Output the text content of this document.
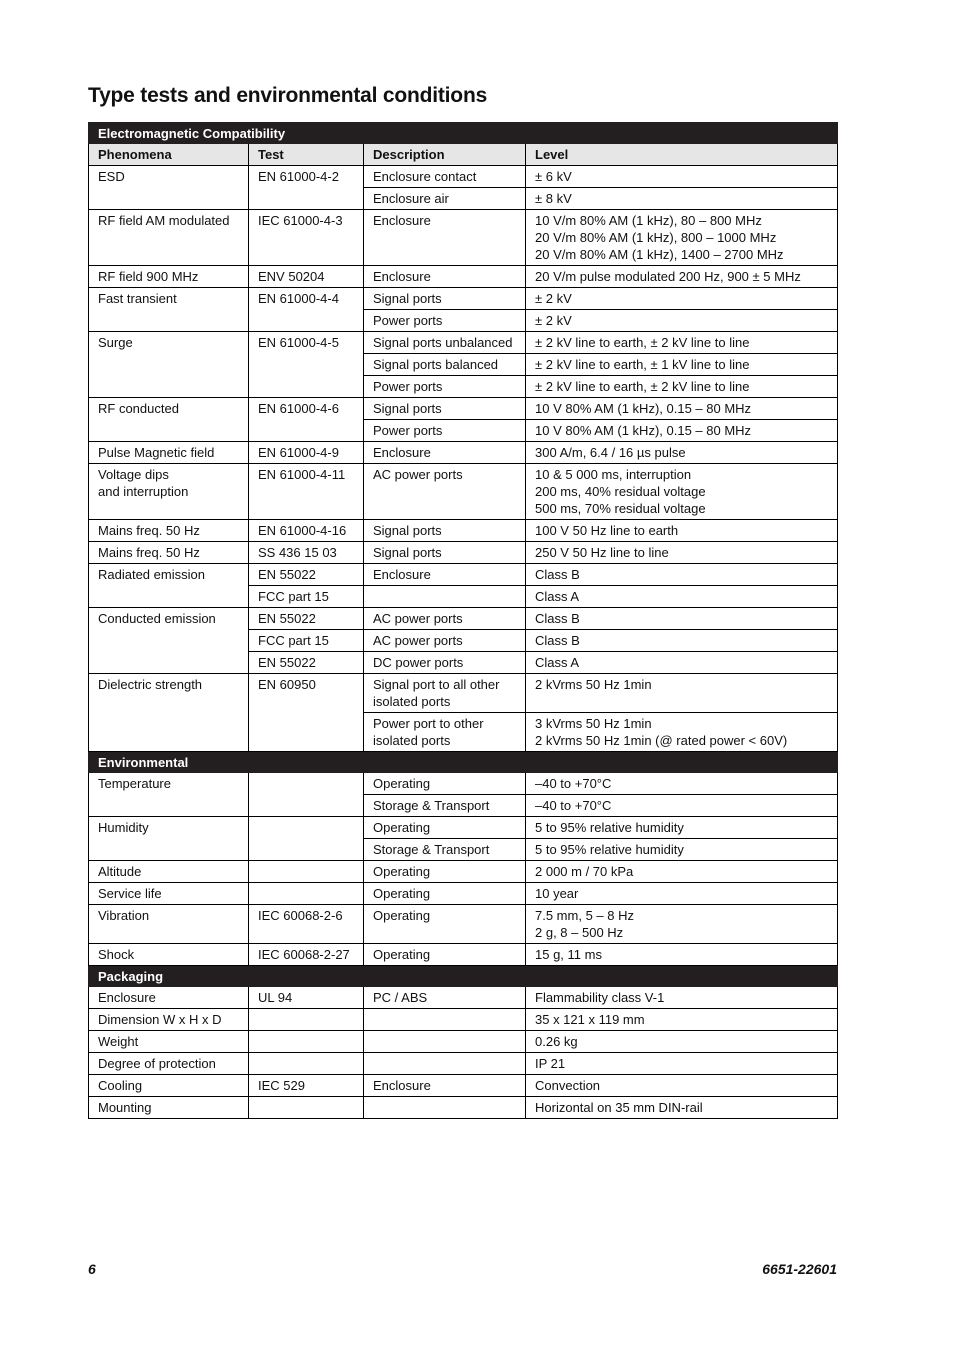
Type tests and environmental conditions
Electromagnetic Compatibility			
Phenomena	Test	Description	Level
ESD	EN 61000-4-2	Enclosure contact	± 6 kV
		Enclosure air	± 8 kV
RF field AM modulated	IEC 61000-4-3	Enclosure	10 V/m 80% AM (1 kHz), 80 – 800 MHz
20 V/m 80% AM (1 kHz), 800 – 1000 MHz
20 V/m 80% AM (1 kHz), 1400 – 2700 MHz
RF field 900 MHz	ENV 50204	Enclosure	20 V/m pulse modulated 200 Hz, 900 ± 5 MHz
Fast transient	EN 61000-4-4	Signal ports	± 2 kV
		Power ports	± 2 kV
Surge	EN 61000-4-5	Signal ports unbalanced	± 2 kV line to earth, ± 2 kV line to line
		Signal ports balanced	± 2 kV line to earth, ± 1 kV line to line
		Power ports	± 2 kV line to earth, ± 2 kV line to line
RF conducted	EN 61000-4-6	Signal ports	10 V 80% AM (1 kHz), 0.15 – 80 MHz
		Power ports	10 V 80% AM (1 kHz), 0.15 – 80 MHz
Pulse Magnetic field	EN 61000-4-9	Enclosure	300 A/m, 6.4 / 16 µs pulse
Voltage dips
and interruption	EN 61000-4-11	AC power ports	10 & 5 000 ms, interruption
200 ms, 40% residual voltage
500 ms, 70% residual voltage
Mains freq. 50 Hz	EN 61000-4-16	Signal ports	100 V 50 Hz line to earth
Mains freq. 50 Hz	SS 436 15 03	Signal ports	250 V 50 Hz line to line
Radiated emission	EN 55022	Enclosure	Class B
	FCC part 15		Class A
Conducted emission	EN 55022	AC power ports	Class B
	FCC part 15	AC power ports	Class B
	EN 55022	DC power ports	Class A
Dielectric strength	EN 60950	Signal port to all other
isolated ports	2 kVrms 50 Hz 1min
		Power port to other
isolated ports	3 kVrms 50 Hz 1min
2 kVrms 50 Hz 1min (@ rated power < 60V)
Environmental			
Temperature		Operating	–40 to +70°C
		Storage & Transport	–40 to +70°C
Humidity		Operating	5 to 95% relative humidity
		Storage & Transport	5 to 95% relative humidity
Altitude		Operating	2 000 m / 70 kPa
Service life		Operating	10 year
Vibration	IEC 60068-2-6	Operating	7.5 mm, 5 – 8 Hz
2 g, 8 – 500 Hz
Shock	IEC 60068-2-27	Operating	15 g, 11 ms
Packaging			
Enclosure	UL 94	PC / ABS	Flammability class V-1
Dimension W x H x D			35 x 121 x 119 mm
Weight			0.26 kg
Degree of protection			IP 21
Cooling	IEC 529	Enclosure	Convection
Mounting			Horizontal on 35 mm DIN-rail
6	6651-22601
